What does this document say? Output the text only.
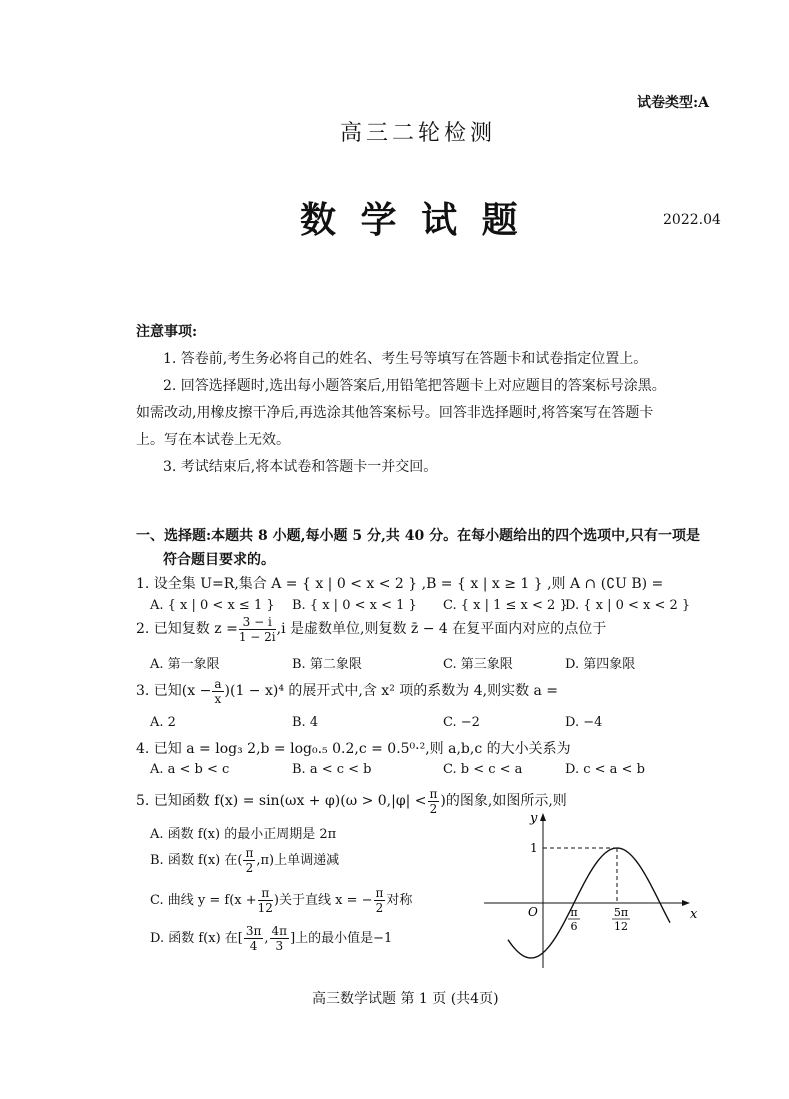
试卷类型:A
高三二轮检测
数 学 试 题	2022.04
注意事项:
1. 答卷前,考生务必将自己的姓名、考生号等填写在答题卡和试卷指定位置上。
2. 回答选择题时,选出每小题答案后,用铅笔把答题卡上对应题目的答案标号涂黑。
如需改动,用橡皮擦干净后,再选涂其他答案标号。回答非选择题时,将答案写在答题卡
上。写在本试卷上无效。
3. 考试结束后,将本试卷和答题卡一并交回。
一、选择题:本题共 8 小题,每小题 5 分,共 40 分。在每小题给出的四个选项中,只有一项是
符合题目要求的。
1. 设全集 U=R,集合 A = { x | 0 < x < 2 } ,B = { x | x ≥ 1 } ,则 A ∩ (∁U B) =
A. { x | 0 < x ≤ 1 } B. { x | 0 < x < 1 } C. { x | 1 ≤ x < 2 }
D. { x | 0 < x < 2 }
2. 已知复数 $z = \frac{3 - i}{1 - 2i} ,i$ 是虚数单位,则复数 z̄ − 4 在复平面内对应的点位于
A. 第一象限	B. 第二象限	C. 第三象限	D. 第四象限
3. 已知$(x - \frac{a}{x} )(1 - x)^4$ 的展开式中,含 x² 项的系数为 4,则实数 a =
A. 2	B. 4	C. −2	D. −4
4. 已知 a = log₃ 2,b = log₀.₅ 0.2,c = 0.5⁰·²,则 a,b,c 的大小关系为
A. a < b < c	B. a < c < b	C. b < c < a	D. c < a < b
5. 已知函数 $f(x) = \sin(\omega x + \varphi)(\omega > 0,|\varphi| < \frac{\pi}{2}$ )的图象,如图所示,则
A. 函数 f(x) 的最小正周期是 2π
B. 函数 f(x) 在( $\frac{\pi}{2} ,\pi$)上单调递减
C. 曲线 $y = f(x + \frac{\pi}{12}$ )关于直线 x = − $\frac{\pi}{2}$ 对称
D. 函数 f(x) 在[ $\frac{3\pi}{4}$ , $\frac{4\pi}{3}$ ]上的最小值是−1
y
x
O
1
π
6
5π
12
高三数学试题 第 1 页 (共4页)
